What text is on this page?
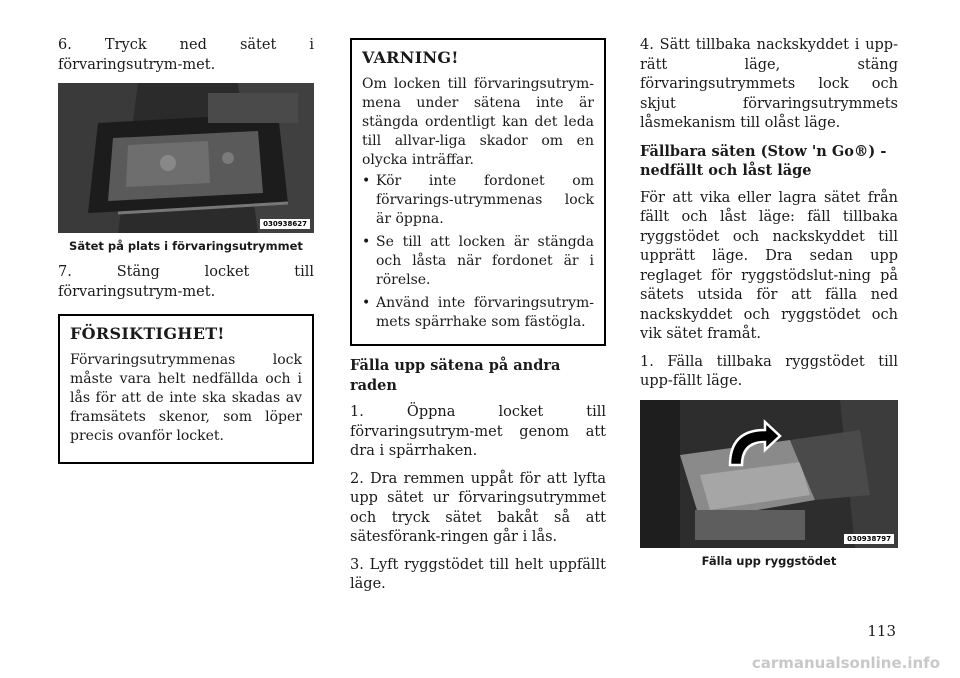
6. Tryck ned sätet i förvaringsutrym-met.

030938627
Sätet på plats i förvaringsutrymmet

7. Stäng locket till förvaringsutrym-met.

FÖRSIKTIGHET!

Förvaringsutrymmenas lock måste vara helt nedfällda och i lås för att de inte ska skadas av framsätets skenor, som löper precis ovanför locket.

VARNING!

Om locken till förvaringsutrym-mena under sätena inte är stängda ordentligt kan det leda till allvar-liga skador om en olycka inträffar.

• Kör inte fordonet om förvarings-utrymmenas lock är öppna.
• Se till att locken är stängda och låsta när fordonet är i rörelse.
• Använd inte förvaringsutrym-mets spärrhake som fästögla.
Fälla upp sätena på andra raden

1. Öppna locket till förvaringsutrym-met genom att dra i spärrhaken.

2. Dra remmen uppåt för att lyfta upp sätet ur förvaringsutrymmet och tryck sätet bakåt så att sätesförank-ringen går i lås.

3. Lyft ryggstödet till helt uppfällt läge.

4. Sätt tillbaka nackskyddet i upp-rätt läge, stäng förvaringsutrymmets lock och skjut förvaringsutrymmets låsmekanism till olåst läge.

Fällbara säten (Stow 'n Go®) - nedfällt och låst läge

För att vika eller lagra sätet från fällt och låst läge: fäll tillbaka ryggstödet och nackskyddet till upprätt läge. Dra sedan upp reglaget för ryggstödslut-ning på sätets utsida för att fälla ned nackskyddet och ryggstödet och vik sätet framåt.

1. Fälla tillbaka ryggstödet till upp-fällt läge.

030938797
Fälla upp ryggstödet
113
carmanualsonline.info
